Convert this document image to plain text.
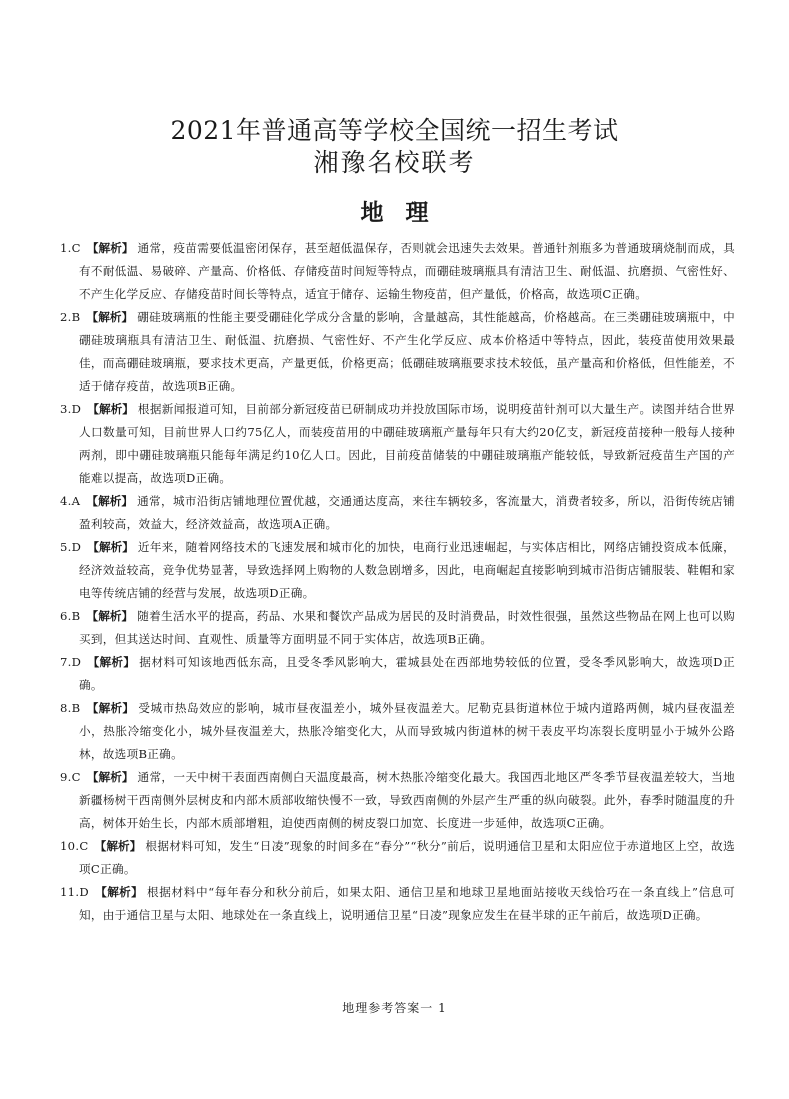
2021年普通高等学校全国统一招生考试
湘豫名校联考
地理

1.C 【解析】 通常，疫苗需要低温密闭保存，甚至超低温保存，否则就会迅速失去效果。普通针剂瓶多为普通玻璃烧制而成，具有不耐低温、易破碎、产量高、价格低、存储疫苗时间短等特点，而硼硅玻璃瓶具有清洁卫生、耐低温、抗磨损、气密性好、不产生化学反应、存储疫苗时间长等特点，适宜于储存、运输生物疫苗，但产量低，价格高，故选项C正确。

2.B 【解析】 硼硅玻璃瓶的性能主要受硼硅化学成分含量的影响，含量越高，其性能越高，价格越高。在三类硼硅玻璃瓶中，中硼硅玻璃瓶具有清洁卫生、耐低温、抗磨损、气密性好、不产生化学反应、成本价格适中等特点，因此，装疫苗使用效果最佳，而高硼硅玻璃瓶，要求技术更高，产量更低，价格更高；低硼硅玻璃瓶要求技术较低，虽产量高和价格低，但性能差，不适于储存疫苗，故选项B正确。

3.D 【解析】 根据新闻报道可知，目前部分新冠疫苗已研制成功并投放国际市场，说明疫苗针剂可以大量生产。读图并结合世界人口数量可知，目前世界人口约75亿人，而装疫苗用的中硼硅玻璃瓶产量每年只有大约20亿支，新冠疫苗接种一般每人接种两剂，即中硼硅玻璃瓶只能每年满足约10亿人口。因此，目前疫苗储装的中硼硅玻璃瓶产能较低，导致新冠疫苗生产国的产能难以提高，故选项D正确。

4.A 【解析】 通常，城市沿街店铺地理位置优越，交通通达度高，来往车辆较多，客流量大，消费者较多，所以，沿街传统店铺盈利较高，效益大，经济效益高，故选项A正确。

5.D 【解析】 近年来，随着网络技术的飞速发展和城市化的加快，电商行业迅速崛起，与实体店相比，网络店铺投资成本低廉，经济效益较高，竞争优势显著，导致选择网上购物的人数急剧增多，因此，电商崛起直接影响到城市沿街店铺服装、鞋帽和家电等传统店铺的经营与发展，故选项D正确。

6.B 【解析】 随着生活水平的提高，药品、水果和餐饮产品成为居民的及时消费品，时效性很强，虽然这些物品在网上也可以购买到，但其送达时间、直观性、质量等方面明显不同于实体店，故选项B正确。

7.D 【解析】 据材料可知该地西低东高，且受冬季风影响大，霍城县处在西部地势较低的位置，受冬季风影响大，故选项D正确。

8.B 【解析】 受城市热岛效应的影响，城市昼夜温差小，城外昼夜温差大。尼勒克县街道林位于城内道路两侧，城内昼夜温差小，热胀冷缩变化小，城外昼夜温差大，热胀冷缩变化大，从而导致城内街道林的树干表皮平均冻裂长度明显小于城外公路林，故选项B正确。

9.C 【解析】 通常，一天中树干表面西南侧白天温度最高，树木热胀冷缩变化最大。我国西北地区严冬季节昼夜温差较大，当地新疆杨树干西南侧外层树皮和内部木质部收缩快慢不一致，导致西南侧的外层产生严重的纵向破裂。此外，春季时随温度的升高，树体开始生长，内部木质部增粗，迫使西南侧的树皮裂口加宽、长度进一步延伸，故选项C正确。

10.C 【解析】 根据材料可知，发生“日凌”现象的时间多在“春分”“秋分”前后，说明通信卫星和太阳应位于赤道地区上空，故选项C正确。

11.D 【解析】 根据材料中“每年春分和秋分前后，如果太阳、通信卫星和地球卫星地面站接收天线恰巧在一条直线上”信息可知，由于通信卫星与太阳、地球处在一条直线上，说明通信卫星“日凌”现象应发生在昼半球的正午前后，故选项D正确。

地理参考答案一 1
